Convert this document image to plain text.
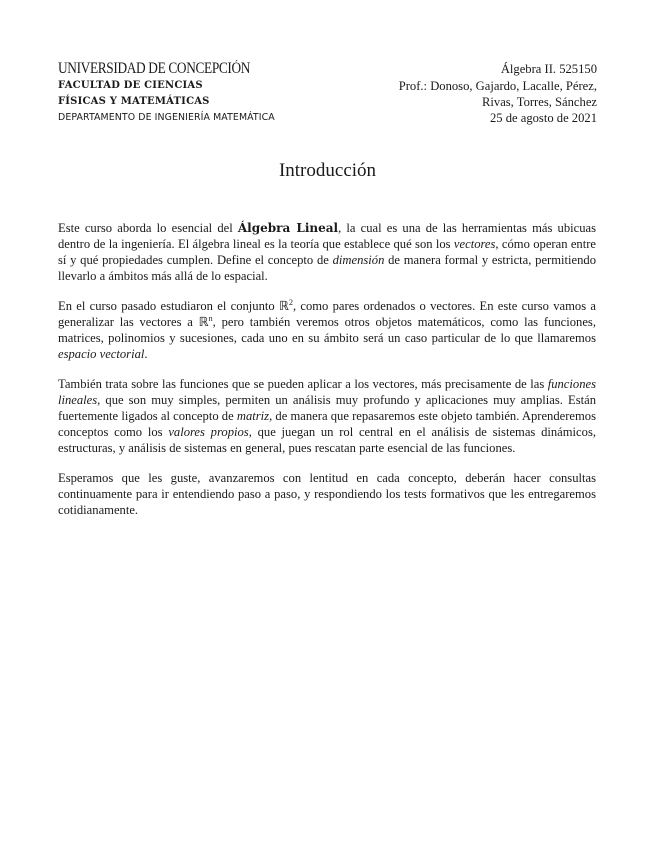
UNIVERSIDAD DE CONCEPCIÓN
FACULTAD DE CIENCIAS
FÍSICAS Y MATEMÁTICAS
DEPARTAMENTO DE INGENIERÍA MATEMÁTICA
Álgebra II. 525150
Prof.: Donoso, Gajardo, Lacalle, Pérez,
Rivas, Torres, Sánchez
25 de agosto de 2021
Introducción

Este curso aborda lo esencial del Álgebra Lineal, la cual es una de las herramientas más ubicuas dentro de la ingeniería. El álgebra lineal es la teoría que establece qué son los vectores, cómo operan entre sí y qué propiedades cumplen. Define el concepto de dimensión de manera formal y estricta, permitiendo llevarlo a ámbitos más allá de lo espacial.

En el curso pasado estudiaron el conjunto ℝ$^2$, como pares ordenados o vectores. En este curso vamos a generalizar las vectores a ℝ$^n$, pero también veremos otros objetos matemáticos, como las funciones, matrices, polinomios y sucesiones, cada uno en su ámbito será un caso particular de lo que llamaremos espacio vectorial.

También trata sobre las funciones que se pueden aplicar a los vectores, más precisamente de las funciones lineales, que son muy simples, permiten un análisis muy profundo y aplicaciones muy amplias. Están fuertemente ligados al concepto de matriz, de manera que repasaremos este objeto también. Aprenderemos conceptos como los valores propios, que juegan un rol central en el análisis de sistemas dinámicos, estructuras, y análisis de sistemas en general, pues rescatan parte esencial de las funciones.

Esperamos que les guste, avanzaremos con lentitud en cada concepto, deberán hacer consultas continuamente para ir entendiendo paso a paso, y respondiendo los tests formativos que les entregaremos cotidianamente.
